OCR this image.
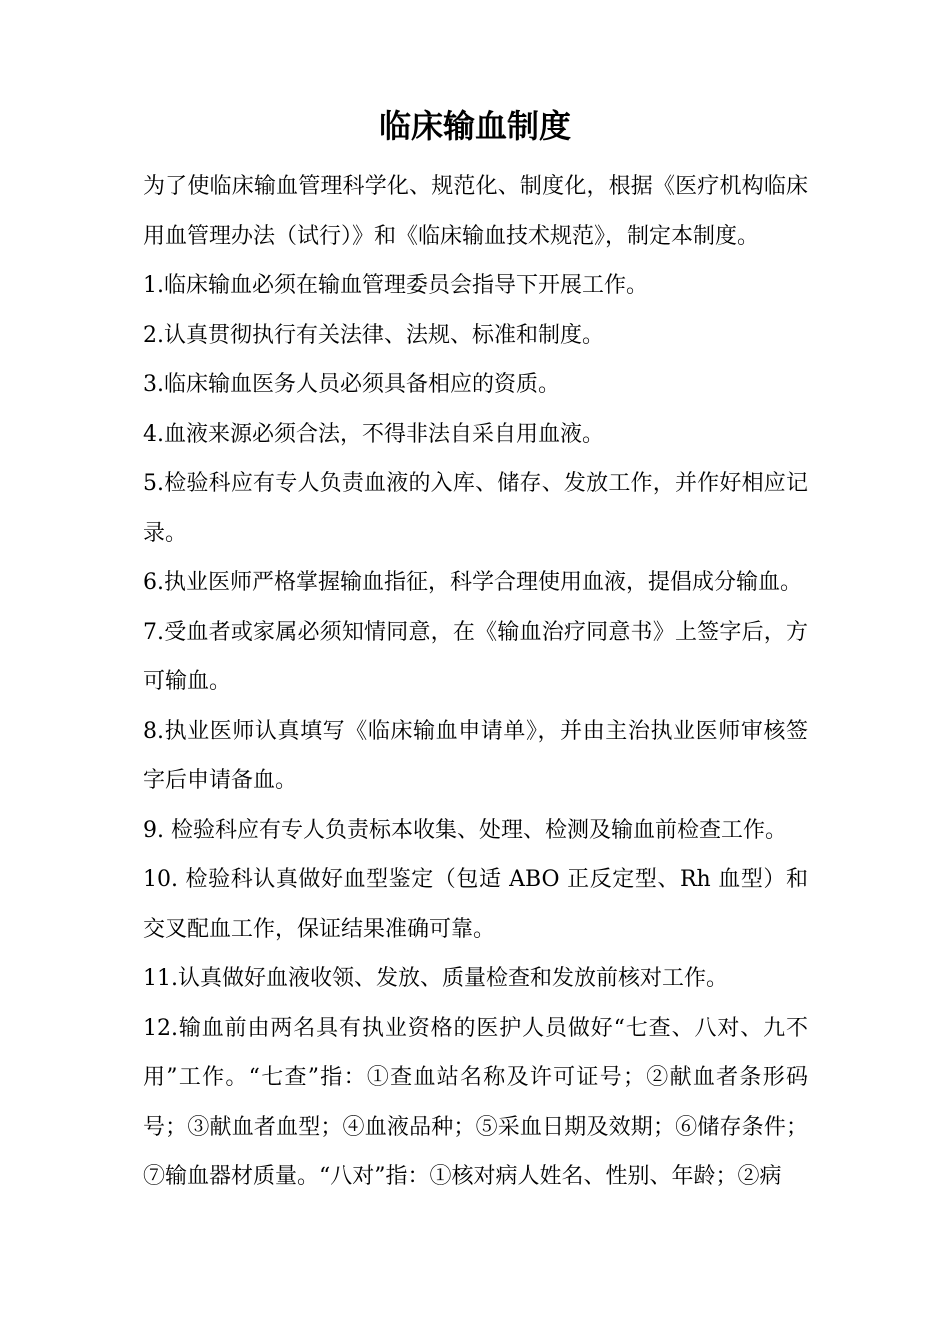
临床输血制度

为了使临床输血管理科学化、规范化、制度化，根据《医疗机构临床用血管理办法（试行）》和《临床输血技术规范》，制定本制度。

1.临床输血必须在输血管理委员会指导下开展工作。

2.认真贯彻执行有关法律、法规、标准和制度。

3.临床输血医务人员必须具备相应的资质。

4.血液来源必须合法，不得非法自采自用血液。

5.检验科应有专人负责血液的入库、储存、发放工作，并作好相应记录。

6.执业医师严格掌握输血指征，科学合理使用血液，提倡成分输血。

7.受血者或家属必须知情同意，在《输血治疗同意书》上签字后，方可输血。

8.执业医师认真填写《临床输血申请单》，并由主治执业医师审核签字后申请备血。

9. 检验科应有专人负责标本收集、处理、检测及输血前检查工作。

10. 检验科认真做好血型鉴定（包适 ABO 正反定型、Rh 血型）和交叉配血工作，保证结果准确可靠。

11.认真做好血液收领、发放、质量检查和发放前核对工作。

12.输血前由两名具有执业资格的医护人员做好“七查、八对、九不用”工作。“七查”指：①查血站名称及许可证号；②献血者条形码号；③献血者血型；④血液品种；⑤采血日期及效期；⑥储存条件；⑦输血器材质量。“八对”指：①核对病人姓名、性别、年龄；②病
